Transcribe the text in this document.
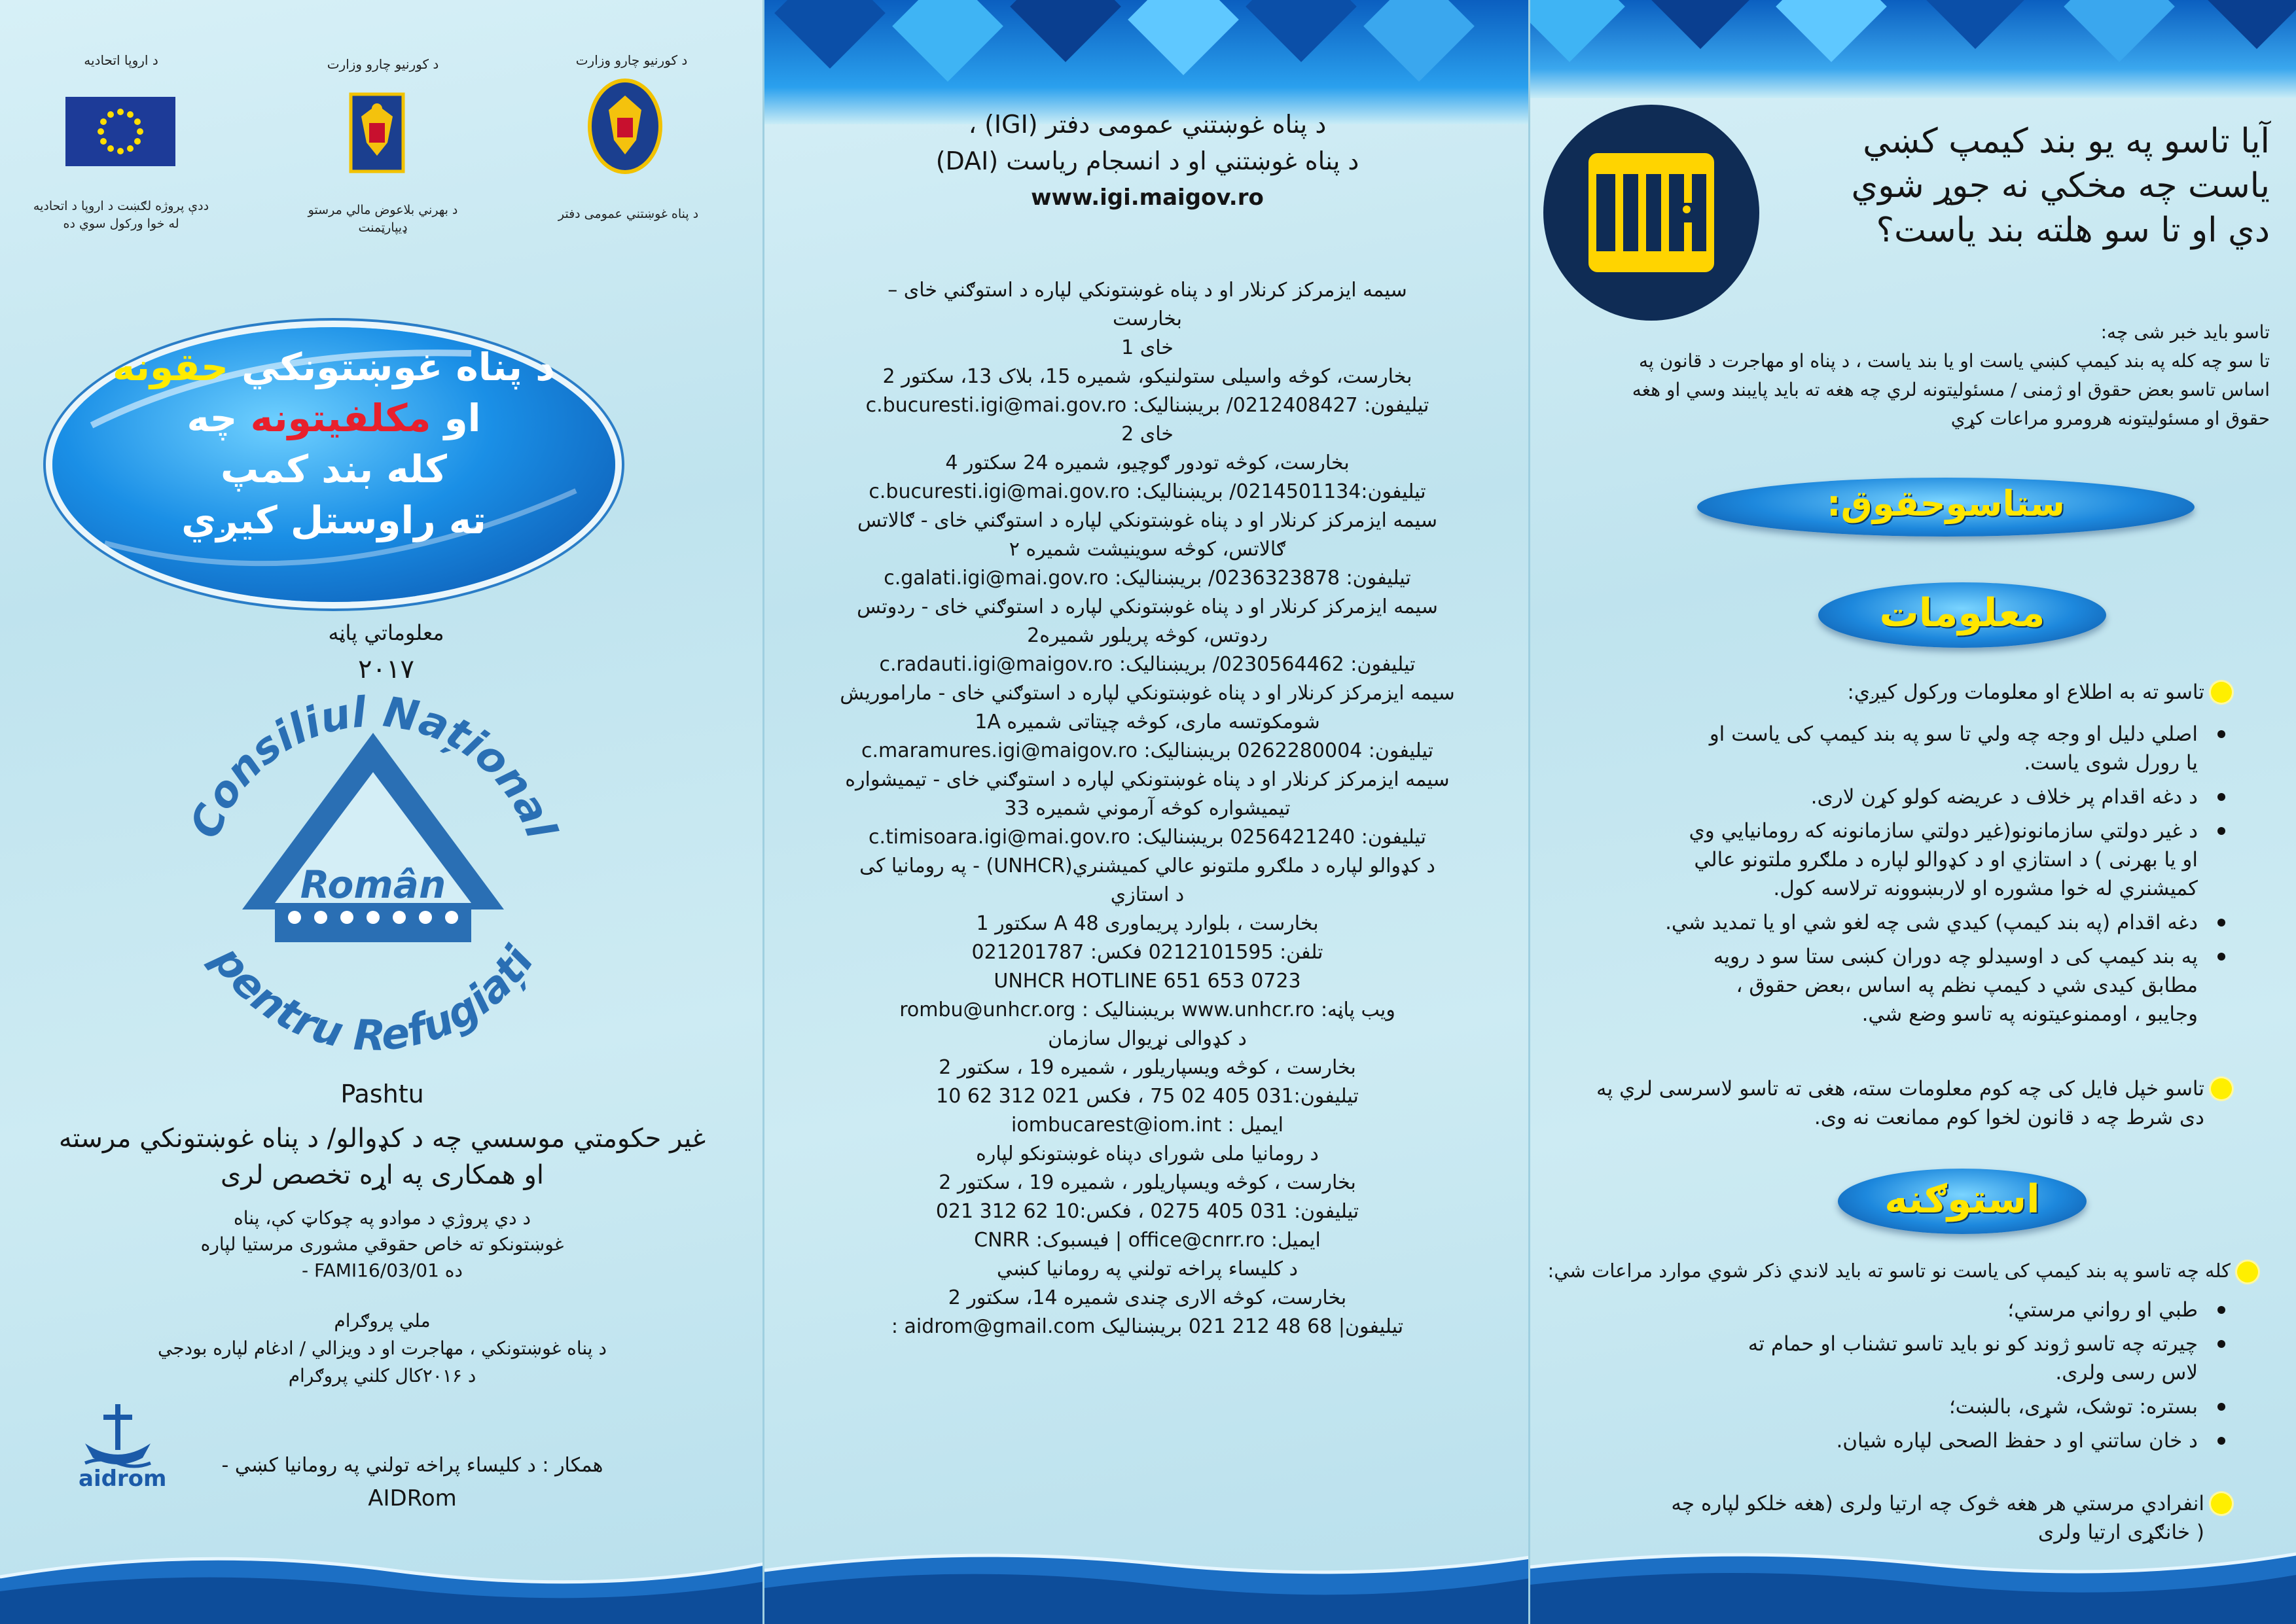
د اروپا اتحاديه
ددې پروژه لګښت د اروپا د اتحاديه له خوا ورکول سوي ده
د کورنيو چارو وزارت
د بهرني بلاعوض مالي مرستو ډيپارټمنت
د کورنيو چارو وزارت
د پناه غوښتني عمومی دفتر
د پناه غوښتونکي حقونه
او مکلفيتونه چه
کله بند کمپ
ته راوستل کيږي
معلوماتي پاڼه
٢٠١٧
Consiliul Național
Român
pentru Refugiați
Pashtu
غير حکومتي موسسي چه د کډوالو/ د پناه غوښتونکي مرسته
او همکاری په اړه تخصص لری
د دي پروژي د موادو په چوکاټ کې، پناه
غوښتونکو ته خاص حقوقي مشوری مرستيا لپاره
ده FAMI16/03/01 -
ملي پروګرام
د پناه غوښتونکي ، مهاجرت او د ويزالي / ادغام لپاره بودجي
د ٢٠١۶کال کلني پروګرام
aidrom
همکار : د کليساء پراخه تولني په رومانيا کښي -
AIDRom
د پناه غوښتني عمومی دفتر (IGI) ،
د پناه غوښتني او د انسجام رياست (DAI)
www.igi.maigov.ro
سيمه ايزمرکز کرنلار او د پناه غوښتونکي لپاره د استوګني خای –
بخارست
خای 1
بخارست، کوڅه واسيلی ستولنيکو، شميره 15، بلاک 13، سکتور 2
تيليفون: 0212408427/ بريښناليک: c.bucuresti.igi@mai.gov.ro
خای 2
بخارست، کوڅه تودور ګوچيو، شميره 24 سکتور 4
تيليفون:0214501134/ بريښناليک: c.bucuresti.igi@mai.gov.ro
سيمه ايزمرکز کرنلار او د پناه غوښتونکي لپاره د استوګني خای - ګالاتس
ګالاتس، کوڅه سوينيشت شميره ٢
تيليفون: 0236323878/ بريښناليک: c.galati.igi@mai.gov.ro
سيمه ايزمرکز کرنلار او د پناه غوښتونکي لپاره د استوګني خای - ردوتس
ردوتس، کوڅه پريلور شميره2
تيليفون: 0230564462/ بريښناليک: c.radauti.igi@maigov.ro
سيمه ايزمرکز کرنلار او د پناه غوښتونکي لپاره د استوګني خای - ماراموريش
شومکوتسه ماری، کوڅه چيتاتی شميره 1A
تيليفون: 0262280004 بريښناليک: c.maramures.igi@maigov.ro
سيمه ايزمرکز کرنلار او د پناه غوښتونکي لپاره د استوګني خای - تيميشواره
تيميشواره کوڅه آرموني شميره 33
تيليفون: 0256421240 بريښناليک: c.timisoara.igi@mai.gov.ro
د کډوالو لپاره د ملګرو ملتونو عالي کميشنري(UNHCR) - په رومانيا کی
د استازي
بخارست ، بلوارد پريماوری 48 A سکتور 1
تلفن: 0212101595 فکس: 021201787
0723 653 651 UNHCR HOTLINE
ويب پاڼه: www.unhcr.ro بريښناليک : rombu@unhcr.org
د کډوالی نړيوال سازمان
بخارست ، کوڅه ويسپاريلور ، شميره 19 ، سکتور 2
تيليفون:031 405 02 75 ، فکس 021 312 62 10
ايميل : iombucarest@iom.int
د رومانيا ملی شورای دپناه غوښتونکو لپاره
بخارست ، کوڅه ويسپاريلور ، شميره 19 ، سکتور 2
تيليفون: 031 405 0275 ، فکس:10 62 312 021
ايميل: office@cnrr.ro | فيسبوک: CNRR
د کليساء پراخه تولني په رومانيا کښي
بخارست، کوڅه الاری چندی شميره 14، سکتور 2
تيليفون| 68 48 212 021 بريښناليک aidrom@gmail.com :
آيا تاسو په يو بند کيمپ کښي
ياست چه مخکي نه جوړ شوي
دي او تا سو هلته بند ياست؟
تاسو بايد خبر شی چه:
تا سو چه کله په بند کيمپ کښي ياست او يا بند ياست ، د پناه او مهاجرت د قانون په
اساس تاسو بعض حقوق او ژمنی / مسئوليتونه لري چه هغه ته بايد پايبند وسي او هغه
حقوق او مسئوليتونه هرومرو مراعات کړي
ستاسوحقوق:
معلومات
تاسو ته به اطلاع او معلومات ورکول کيږي:
اصلي دليل او وجه چه ولي تا سو په بند کيمپ کی ياست او
يا رورل شوی ياست.
د دغه اقدام پر خلاف د عريضه کولو کړن لاری.
د غير دولتي سازمانونو(غير دولتي سازمانونه که رومانيايي وي
او يا بهرنی ) د استازي او د کډوالو لپاره د ملګرو ملتونو عالي
کميشنري له خوا مشوره او لاربښوونه ترلاسه کول.
دغه اقدام (په بند کيمپ) کيدي شی چه لغو شي او يا تمديد شي.
په بند کيمپ کی د اوسيدلو چه دوران کښی ستا سو د رويه
مطابق کيدی شي د کيمپ نظم په اساس ،بعض حقوق ،
وجايبو ، اوممنوعيتونه په تاسو وضع شي.
تاسو خپل فايل کی چه کوم معلومات سته، هغی ته تاسو لاسرسی لري په
دی شرط چه د قانون لخوا کوم ممانعت نه وی.
استوګنه
کله چه تاسو په بند کيمپ کی ياست نو تاسو ته بايد لاندي ذکر شوي موارد مراعات شي:
طبي او رواني مرستي؛
چيرته چه تاسو ژوند کو نو بايد تاسو تشناب او حمام ته
لاس رسی ولری.
بستره: توشک، شړی، بالښت؛
د خان ساتني او د حفظ الصحی لپاره شيان.
انفرادي مرستي هر هغه څوک چه ارتيا ولری (هغه خلکو لپاره چه
( خانګړی ارتيا ولری
